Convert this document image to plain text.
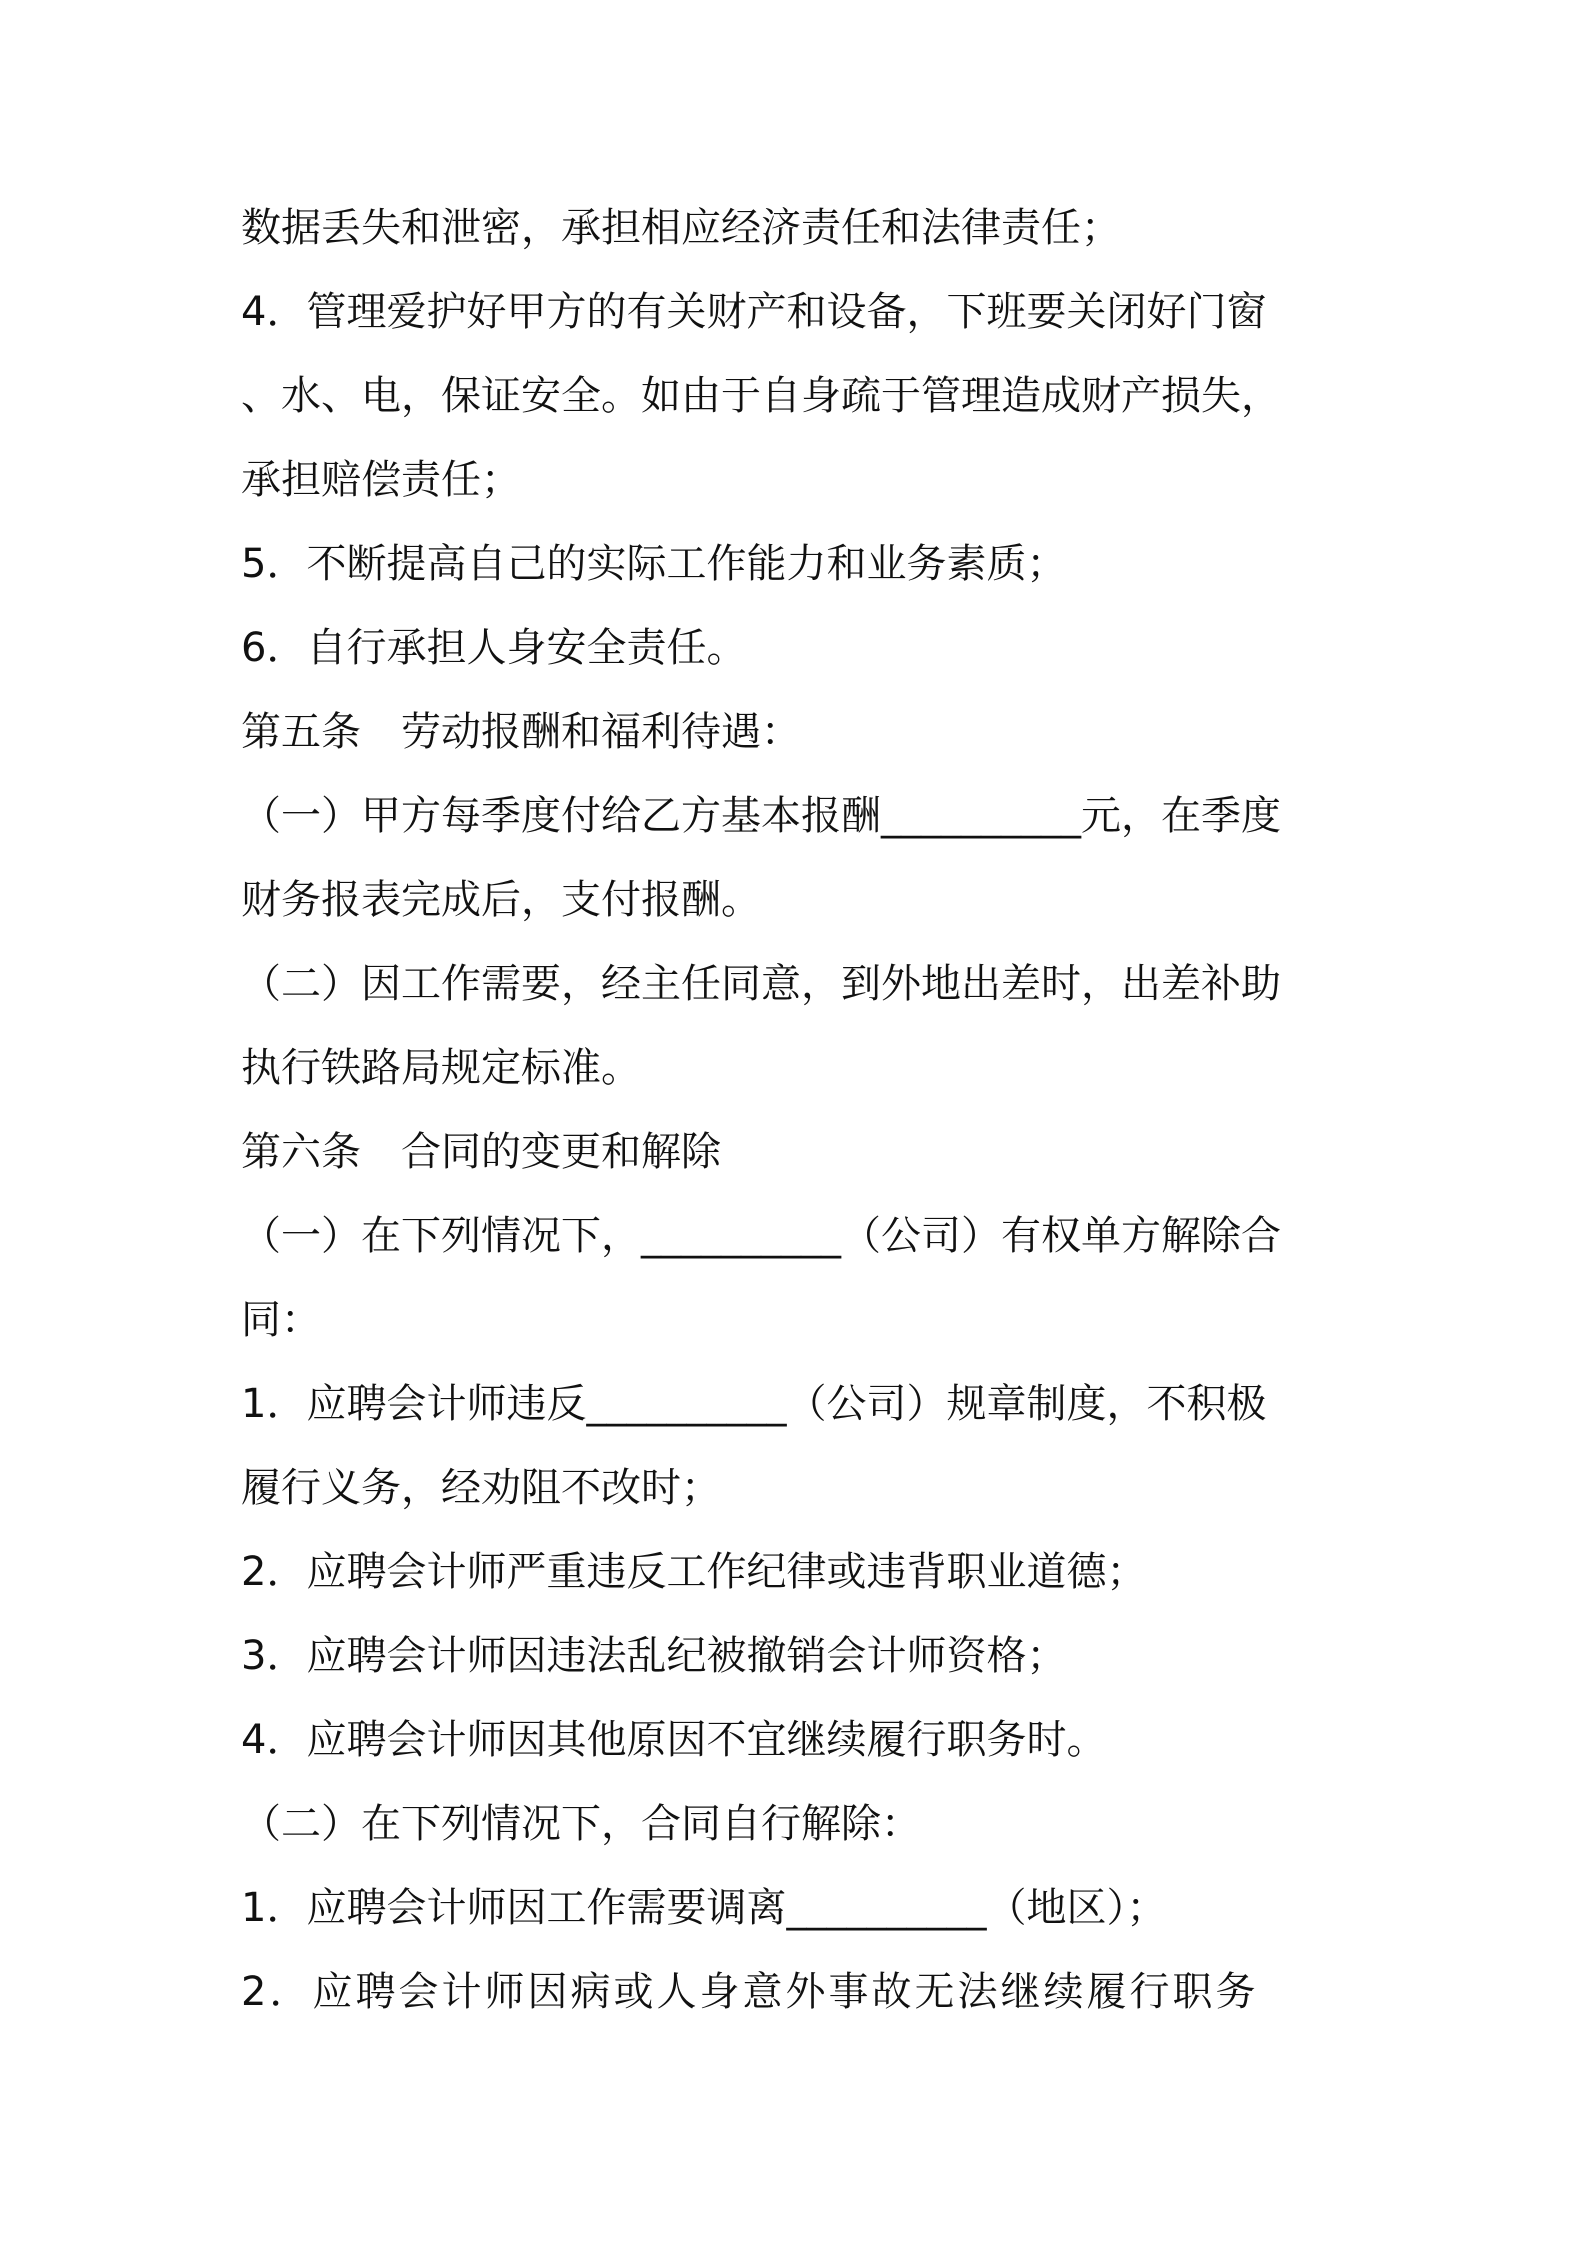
数据丢失和泄密，承担相应经济责任和法律责任；
4．管理爱护好甲方的有关财产和设备，下班要关闭好门窗
、水、电，保证安全。如由于自身疏于管理造成财产损失，
承担赔偿责任；
5．不断提高自己的实际工作能力和业务素质；
6．自行承担人身安全责任。
第五条　劳动报酬和福利待遇：
（一）甲方每季度付给乙方基本报酬__________元，在季度
财务报表完成后，支付报酬。
（二）因工作需要，经主任同意，到外地出差时，出差补助
执行铁路局规定标准。
第六条　合同的变更和解除
（一）在下列情况下，__________（公司）有权单方解除合
同：
1．应聘会计师违反__________（公司）规章制度，不积极
履行义务，经劝阻不改时；
2．应聘会计师严重违反工作纪律或违背职业道德；
3．应聘会计师因违法乱纪被撤销会计师资格；
4．应聘会计师因其他原因不宜继续履行职务时。
（二）在下列情况下，合同自行解除：
1．应聘会计师因工作需要调离__________（地区）；
2．应聘会计师因病或人身意外事故无法继续履行职务
